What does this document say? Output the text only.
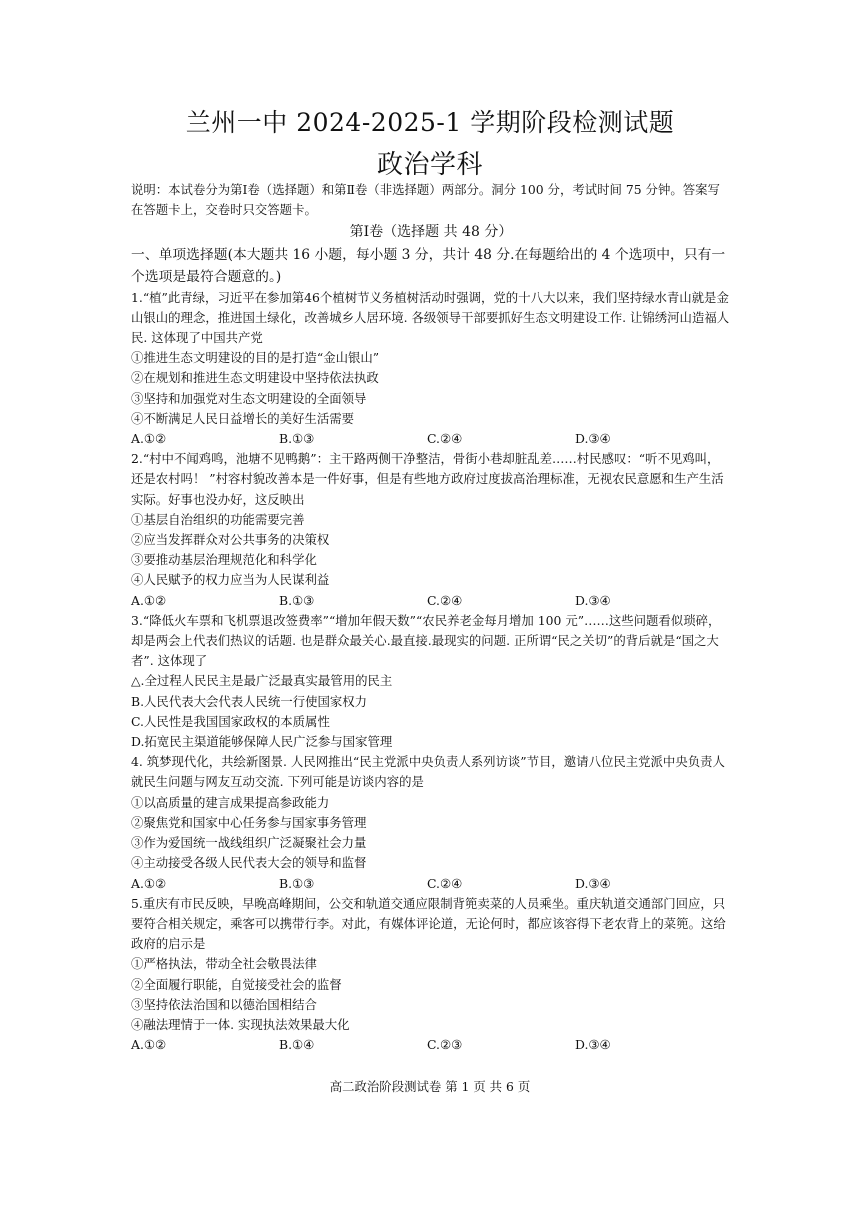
兰州一中 2024-2025-1 学期阶段检测试题
政治学科

说明：本试卷分为第Ⅰ卷（选择题）和第Ⅱ卷（非选择题）两部分。洞分 100 分，考试时间 75 分钟。答案写在答题卡上，交卷时只交答题卡。

第Ⅰ卷（选择题 共 48 分）

一、单项选择题(本大题共 16 小题，每小题 3 分，共计 48 分.在每题给出的 4 个选项中，只有一个选项是最符合题意的。)

1.“植”此青绿，习近平在参加第46个植树节义务植树活动时强调，党的十八大以来，我们坚持绿水青山就是金山银山的理念，推进国土绿化，改善城乡人居环境. 各级领导干部要抓好生态文明建设工作. 让锦绣河山造福人民. 这体现了中国共产党

①推进生态文明建设的目的是打造“金山银山”

②在规划和推进生态文明建设中坚持依法执政

③坚持和加强党对生态文明建设的全面领导

④不断满足人民日益增长的美好生活需要

A.①②	B.①③	C.②④	D.③④

2.“村中不闻鸡鸣，池塘不见鸭鹅”：主干路两侧干净整洁，骨街小巷却脏乱差……村民感叹：“听不见鸡叫，还是农村吗！ ”村容村貌改善本是一件好事，但是有些地方政府过度拔高治理标准，无视农民意愿和生产生活实际。好事也没办好，这反映出

①基层自治组织的功能需要完善

②应当发挥群众对公共事务的决策权

③要推动基层治理规范化和科学化

④人民赋予的权力应当为人民谋利益

A.①②	B.①③	C.②④	D.③④

3.“降低火车票和飞机票退改签费率”“增加年假天数”“农民养老金每月增加 100 元”……这些问题看似琐碎，却是两会上代表们热议的话题. 也是群众最关心.最直接.最现实的问题. 正所谓“民之关切”的背后就是“国之大者”. 这体现了

△.全过程人民民主是最广泛最真实最管用的民主

B.人民代表大会代表人民统一行使国家权力

C.人民性是我国国家政权的本质属性

D.拓宽民主渠道能够保障人民广泛参与国家管理

4. 筑梦现代化，共绘新图景. 人民网推出“民主党派中央负责人系列访谈”节目，邀请八位民主党派中央负责人就民生问题与网友互动交流. 下列可能是访谈内容的是

①以高质量的建言成果提高参政能力

②聚焦党和国家中心任务参与国家事务管理

③作为爱国统一战线组织广泛凝聚社会力量

④主动接受各级人民代表大会的领导和监督

A.①②	B.①③	C.②④	D.③④

5.重庆有市民反映，早晚高峰期间，公交和轨道交通应限制背篼卖菜的人员乘坐。重庆轨道交通部门回应，只要符合相关规定，乘客可以携带行李。对此，有媒体评论道，无论何时，都应该容得下老农背上的菜篼。这给政府的启示是

①严格执法，带动全社会敬畏法律

②全面履行职能，自觉接受社会的监督

③坚持依法治国和以德治国相结合

④融法理情于一体. 实现执法效果最大化

A.①②	B.①④	C.②③	D.③④
高二政治阶段测试卷 第 1 页 共 6 页
